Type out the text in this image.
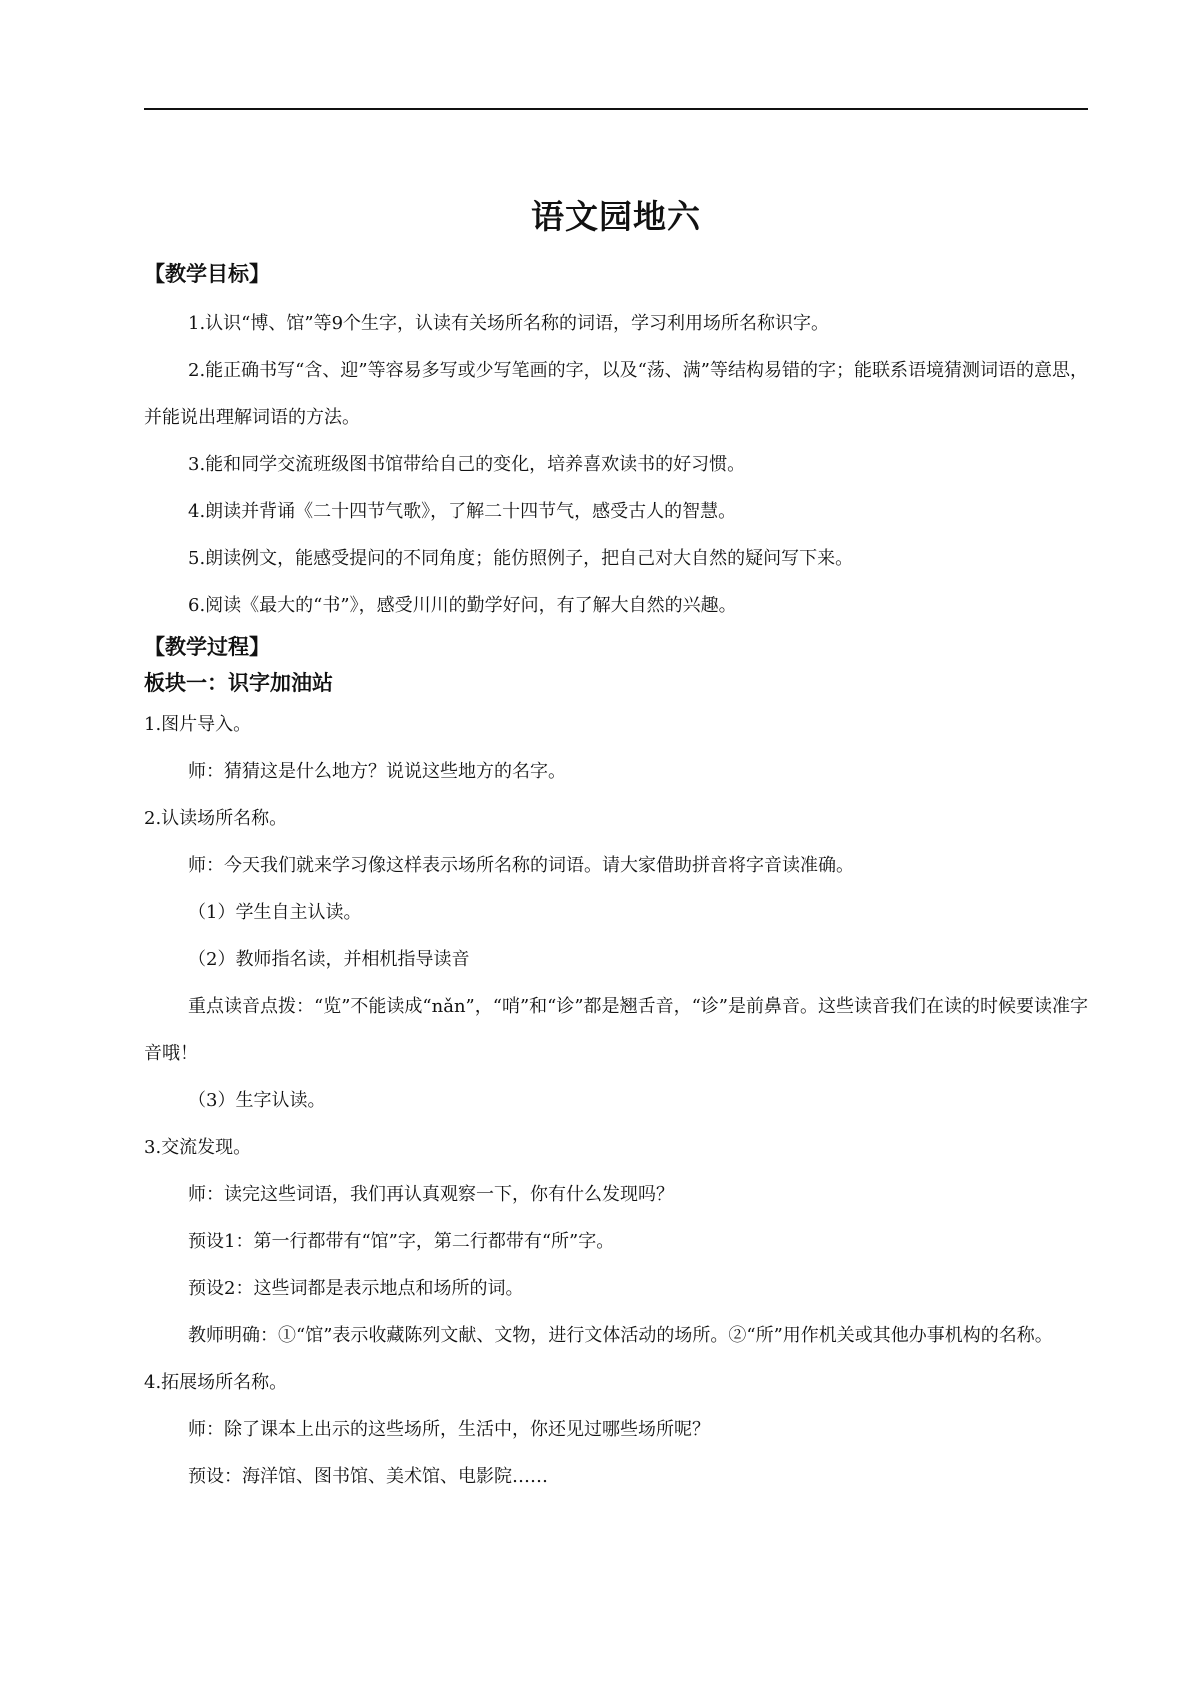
语文园地六
【教学目标】

1.认识“博、馆”等9个生字，认读有关场所名称的词语，学习利用场所名称识字。

2.能正确书写“含、迎”等容易多写或少写笔画的字，以及“荡、满”等结构易错的字；能联系语境猜测词语的意思，并能说出理解词语的方法。

3.能和同学交流班级图书馆带给自己的变化，培养喜欢读书的好习惯。

4.朗读并背诵《二十四节气歌》，了解二十四节气，感受古人的智慧。

5.朗读例文，能感受提问的不同角度；能仿照例子，把自己对大自然的疑问写下来。

6.阅读《最大的“书”》，感受川川的勤学好问，有了解大自然的兴趣。

【教学过程】
板块一：识字加油站

1.图片导入。

师：猜猜这是什么地方？说说这些地方的名字。

2.认读场所名称。

师：今天我们就来学习像这样表示场所名称的词语。请大家借助拼音将字音读准确。

（1）学生自主认读。

（2）教师指名读，并相机指导读音

重点读音点拨：“览”不能读成“nǎn”，“哨”和“诊”都是翘舌音，“诊”是前鼻音。这些读音我们在读的时候要读准字音哦！

（3）生字认读。

3.交流发现。

师：读完这些词语，我们再认真观察一下，你有什么发现吗？

预设1：第一行都带有“馆”字，第二行都带有“所”字。

预设2：这些词都是表示地点和场所的词。

教师明确：①“馆”表示收藏陈列文献、文物，进行文体活动的场所。②“所”用作机关或其他办事机构的名称。

4.拓展场所名称。

师：除了课本上出示的这些场所，生活中，你还见过哪些场所呢？

预设：海洋馆、图书馆、美术馆、电影院……
